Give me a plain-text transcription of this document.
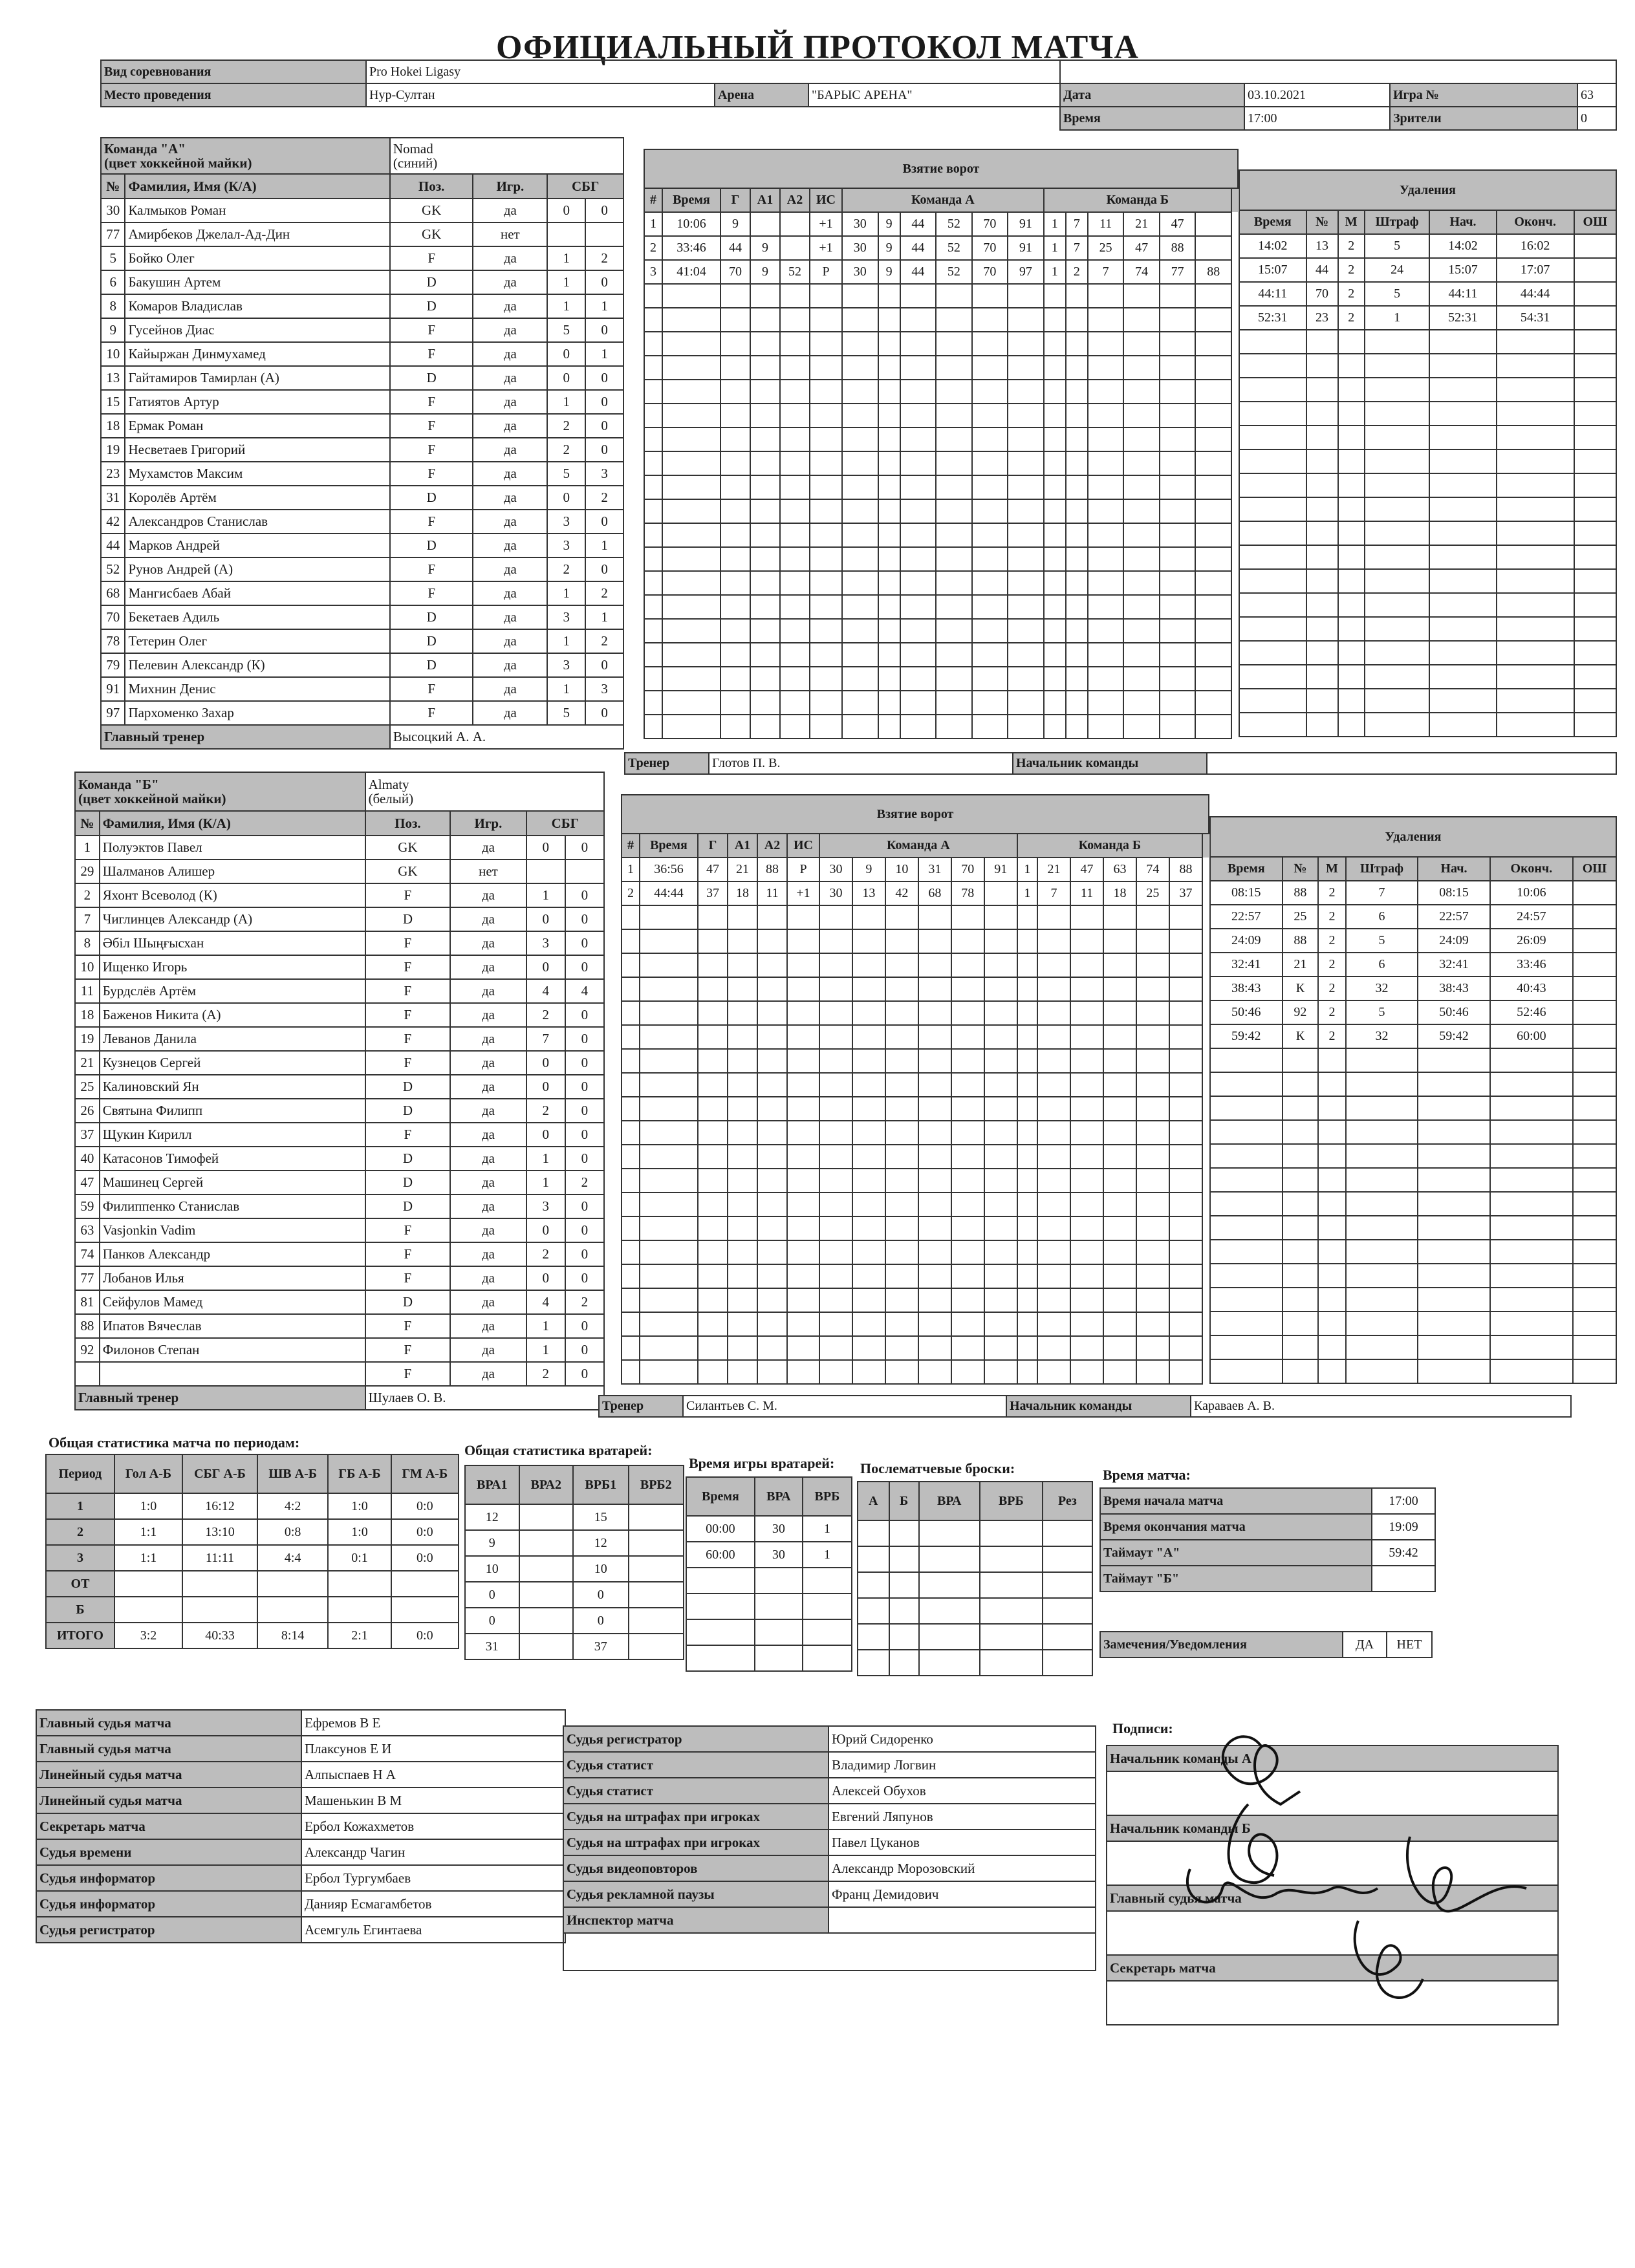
ОФИЦИАЛЬНЫЙ ПРОТОКОЛ МАТЧА
Вид соревнования	Pro Hokei Ligasy						
Место проведения	Нур-Султан	Арена	"БАРЫС АРЕНА"	Дата	03.10.2021	Игра №	63
				Время	17:00	Зрители	0
Команда "А"
(цвет хоккейной майки)		Nomad
(синий)			
№	Фамилия, Имя (К/А)	Поз.	Игр.	СБГ	
30	Калмыков Роман	GK	да	0	0
77	Амирбеков Джелал-Ад-Дин	GK	нет		
5	Бойко Олег	F	да	1	2
6	Бакушин Артем	D	да	1	0
8	Комаров Владислав	D	да	1	1
9	Гусейнов Диас	F	да	5	0
10	Кайыржан Динмухамед	F	да	0	1
13	Гайтамиров Тамирлан (А)	D	да	0	0
15	Гатиятов Артур	F	да	1	0
18	Ермак Роман	F	да	2	0
19	Несветаев Григорий	F	да	2	0
23	Мухамстов Максим	F	да	5	3
31	Королёв Артём	D	да	0	2
42	Александров Станислав	F	да	3	0
44	Марков Андрей	D	да	3	1
52	Рунов Андрей (А)	F	да	2	0
68	Мангисбаев Абай	F	да	1	2
70	Бекетаев Адиль	D	да	3	1
78	Тетерин Олег	D	да	1	2
79	Пелевин Александр (К)	D	да	3	0
91	Михнин Денис	F	да	1	3
97	Пархоменко Захар	F	да	5	0
Главный тренер		Высоцкий А. А.			
Взятие ворот																		
#	Время	Г	А1	А2	ИС	Команда А						Команда Б						
1	10:06	9			+1	30	9	44	52	70	91	1	7	11	21	47		
2	33:46	44	9		+1	30	9	44	52	70	91	1	7	25	47	88		
3	41:04	70	9	52	Р	30	9	44	52	70	97	1	2	7	74	77	88	

Удаления						
Время	№	М	Штраф	Нач.	Оконч.	ОШ
14:02	13	2	5	14:02	16:02	
15:07	44	2	24	15:07	17:07	
44:11	70	2	5	44:11	44:44	
52:31	23	2	1	52:31	54:31	

Тренер	Глотов П. В.	Начальник команды	
Команда "Б"
(цвет хоккейной майки)		Almaty
(белый)			
№	Фамилия, Имя (К/А)	Поз.	Игр.	СБГ	
1	Полуэктов Павел	GK	да	0	0
29	Шалманов Алишер	GK	нет		
2	Яхонт Всеволод (К)	F	да	1	0
7	Чиглинцев Александр (А)	D	да	0	0
8	Әбіл Шыңғысхан	F	да	3	0
10	Ищенко Игорь	F	да	0	0
11	Бурдслёв Артём	F	да	4	4
18	Баженов Никита (А)	F	да	2	0
19	Леванов Данила	F	да	7	0
21	Кузнецов Сергей	F	да	0	0
25	Калиновский Ян	D	да	0	0
26	Святына Филипп	D	да	2	0
37	Щукин Кирилл	F	да	0	0
40	Катасонов Тимофей	D	да	1	0
47	Машинец Сергей	D	да	1	2
59	Филиппенко Станислав	D	да	3	0
63	Vasjonkin Vadim	F	да	0	0
74	Панков Александр	F	да	2	0
77	Лобанов Илья	F	да	0	0
81	Сейфулов Мамед	D	да	4	2
88	Ипатов Вячеслав	F	да	1	0
92	Филонов Степан	F	да	1	0
		F	да	2	0
Главный тренер		Шулаев О. В.			
Взятие ворот																		
#	Время	Г	А1	А2	ИС	Команда А						Команда Б						
1	36:56	47	21	88	Р	30	9	10	31	70	91	1	21	47	63	74	88	
2	44:44	37	18	11	+1	30	13	42	68	78		1	7	11	18	25	37	

Удаления						
Время	№	М	Штраф	Нач.	Оконч.	ОШ
08:15	88	2	7	08:15	10:06	
22:57	25	2	6	22:57	24:57	
24:09	88	2	5	24:09	26:09	
32:41	21	2	6	32:41	33:46	
38:43	К	2	32	38:43	40:43	
50:46	92	2	5	50:46	52:46	
59:42	К	2	32	59:42	60:00	

Тренер	Силантьев С. М.	Начальник команды	Караваев А. В.
Общая статистика матча по периодам:
Период	Гол А-Б	СБГ А-Б	ШВ А-Б	ГБ А-Б	ГМ А-Б
1	1:0	16:12	4:2	1:0	0:0
2	1:1	13:10	0:8	1:0	0:0
3	1:1	11:11	4:4	0:1	0:0
ОТ					
Б					
ИТОГО	3:2	40:33	8:14	2:1	0:0
Общая статистика вратарей:
ВРА1	ВРА2	ВРБ1	ВРБ2
12		15	
9		12	
10		10	
0		0	
0		0	
31		37	
Время игры вратарей:
Время	ВРА	ВРБ
00:00	30	1
60:00	30	1

Послематчевые броски:
А	Б	ВРА	ВРБ	Рез

Время матча:
Время начала матча	17:00
Время окончания матча	19:09
Таймаут "А"	59:42
Таймаут "Б"	
Замечения/Уведомления	ДА	НЕТ
Главный судья матча	Ефремов В Е
Главный судья матча	Плаксунов Е И
Линейный судья матча	Алпыспаев Н А
Линейный судья матча	Машенькин В М
Секретарь матча	Ербол Кожахметов
Судья времени	Александр Чагин
Судья информатор	Ербол Тургумбаев
Судья информатор	Данияр Есмагамбетов
Судья регистратор	Асемгуль Егинтаева
Судья регистратор	Юрий Сидоренко
Судья статист	Владимир Логвин
Судья статист	Алексей Обухов
Судья на штрафах при игроках	Евгений Ляпунов
Судья на штрафах при игроках	Павел Цуканов
Судья видеоповторов	Александр Морозовский
Судья рекламной паузы	Франц Демидович
Инспектор матча	

Подписи:
Начальник команды А

Начальник команды Б

Главный судья матча

Секретарь матча
